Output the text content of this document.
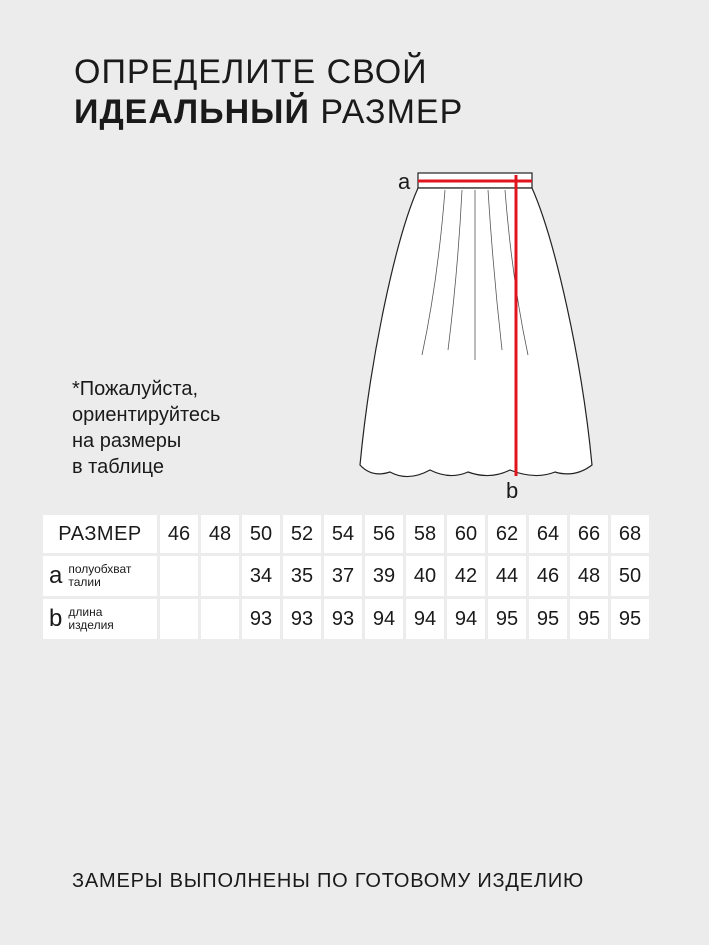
ОПРЕДЕЛИТЕ СВОЙ
ИДЕАЛЬНЫЙ РАЗМЕР
*Пожалуйста,
ориентируйтесь
на размеры
в таблице
a
b
РАЗМЕР	46	48	50	52	54	56	58	60	62	64	66	68

a полуобхват
талии			34	35	37	39	40	42	44	46	48	50

b длина
изделия			93	93	93	94	94	94	95	95	95	95
ЗАМЕРЫ ВЫПОЛНЕНЫ ПО ГОТОВОМУ ИЗДЕЛИЮ
